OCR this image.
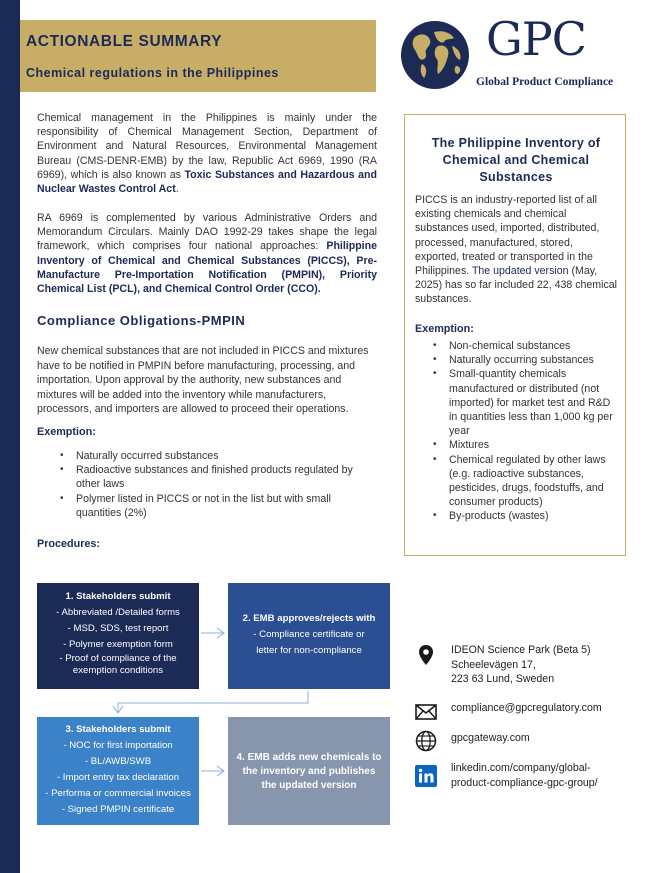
ACTIONABLE SUMMARY
Chemical regulations in the Philippines
GPC
Global Product Compliance
Chemical management in the Philippines is mainly under the responsibility of Chemical Management Section, Department of Environment and Natural Resources, Environmental Management Bureau (CMS-DENR-EMB) by the law, Republic Act 6969, 1990 (RA 6969), which is also known as Toxic Substances and Hazardous and Nuclear Wastes Control Act.
RA 6969 is complemented by various Administrative Orders and Memorandum Circulars. Mainly DAO 1992-29 takes shape the legal framework, which comprises four national approaches: Philippine Inventory of Chemical and Chemical Substances (PICCS), Pre-Manufacture Pre-Importation Notification (PMPIN), Priority Chemical List (PCL), and Chemical Control Order (CCO).
Compliance Obligations-PMPIN
New chemical substances that are not included in PICCS and mixtures have to be notified in PMPIN before manufacturing, processing, and importation. Upon approval by the authority, new substances and mixtures will be added into the inventory while manufacturers, processors, and importers are allowed to proceed their operations.
Exemption:
• Naturally occurred substances
• Radioactive substances and finished products regulated by other laws
• Polymer listed in PICCS or not in the list but with small quantities (2%)
Procedures:
The Philippine Inventory of Chemical and Chemical Substances
PICCS is an industry-reported list of all existing chemicals and chemical substances used, imported, distributed, processed, manufactured, stored, exported, treated or transported in the Philippines. The updated version (May, 2025) has so far included 22, 438 chemical substances.
Exemption:
• Non-chemical substances
• Naturally occurring substances
• Small-quantity chemicals manufactured or distributed (not imported) for market test and R&D in quantities less than 1,000 kg per year
• Mixtures
• Chemical regulated by other laws (e.g. radioactive substances, pesticides, drugs, foodstuffs, and consumer products)
• By-products (wastes)
1. Stakeholders submit
- Abbreviated /Detailed forms
- MSD, SDS, test report
- Polymer exemption form
- Proof of compliance of the exemption conditions
2. EMB approves/rejects with
- Compliance certificate or letter for non-compliance
3. Stakeholders submit
- NOC for first importation
- BL/AWB/SWB
- Import entry tax declaration
- Performa or commercial invoices
- Signed PMPIN certificate
4. EMB adds new chemicals to the inventory and publishes the updated version
IDEON Science Park (Beta 5)
Scheelevägen 17,
223 63 Lund, Sweden
compliance@gpcregulatory.com
gpcgateway.com
linkedin.com/company/global-
product-compliance-gpc-group/
